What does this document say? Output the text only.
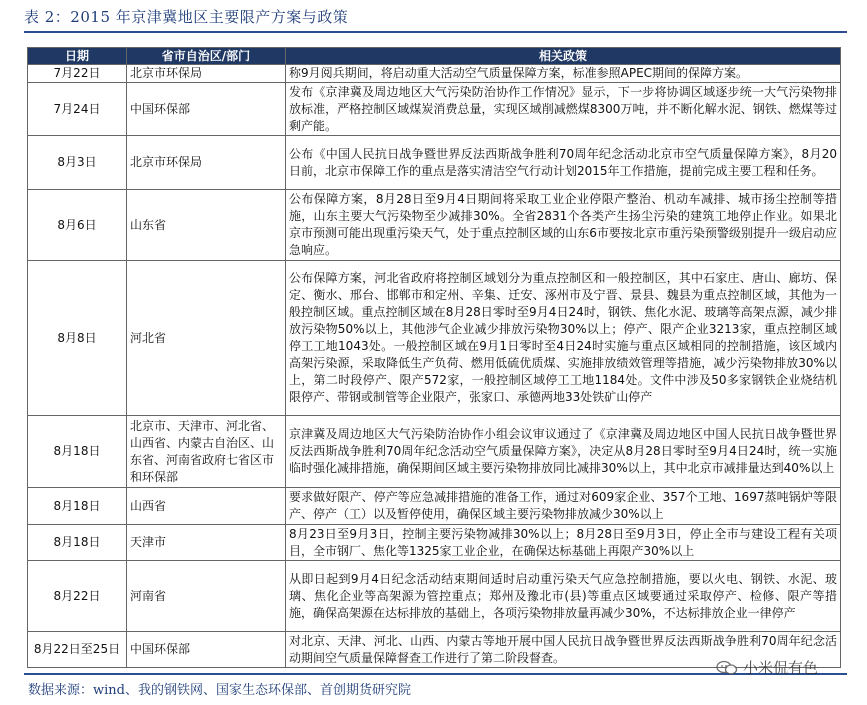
表 2：2015 年京津冀地区主要限产方案与政策
日期	省市自治区/部门	相关政策
7月22日	北京市环保局	称9月阅兵期间，将启动重大活动空气质量保障方案，标准参照APEC期间的保障方案。
7月24日	中国环保部	发布《京津冀及周边地区大气污染防治协作工作情况》显示，下一步将协调区域逐步统一大气污染物排放标准，严格控制区域煤炭消费总量，实现区域削减燃煤8300万吨，并不断化解水泥、钢铁、燃煤等过剩产能。
8月3日	北京市环保局	公布《中国人民抗日战争暨世界反法西斯战争胜利70周年纪念活动北京市空气质量保障方案》，8月20日前，北京市保障工作的重点是落实清洁空气行动计划2015年工作措施，提前完成主要工程和任务。
8月6日	山东省	公布保障方案，8月28日至9月4日期间将采取工业企业停限产整治、机动车减排、城市扬尘控制等措施，山东主要大气污染物至少减排30%。全省2831个各类产生扬尘污染的建筑工地停止作业。如果北京市预测可能出现重污染天气，处于重点控制区域的山东6市要按北京市重污染预警级别提升一级启动应急响应。
8月8日	河北省	公布保障方案，河北省政府将控制区域划分为重点控制区和一般控制区，其中石家庄、唐山、廊坊、保定、衡水、邢台、邯郸市和定州、辛集、迁安、涿州市及宁晋、景县、魏县为重点控制区域，其他为一般控制区域。重点控制区域在8月28日零时至9月4日24时，钢铁、焦化水泥、玻璃等高架点源，减少排放污染物50%以上，其他涉气企业减少排放污染物30%以上；停产、限产企业3213家，重点控制区域停工工地1043处。一般控制区域在9月1日零时至4日24时实施与重点区域相同的控制措施，该区域内高架污染源，采取降低生产负荷、燃用低硫优质煤、实施排放绩效管理等措施，减少污染物排放30%以上，第二时段停产、限产572家，一般控制区域停工工地1184处。文件中涉及50多家钢铁企业烧结机限停产、带钢或制管等企业限产，张家口、承德两地33处铁矿山停产
8月18日	北京市、天津市、河北省、山西省、内蒙古自治区、山东省、河南省政府七省区市和环保部	京津冀及周边地区大气污染防治协作小组会议审议通过了《京津冀及周边地区中国人民抗日战争暨世界反法西斯战争胜利70周年纪念活动空气质量保障方案》，决定从8月28日零时至9月4日24时，统一实施临时强化减排措施，确保期间区域主要污染物排放同比减排30%以上，其中北京市减排量达到40%以上
8月18日	山西省	要求做好限产、停产等应急减排措施的准备工作，通过对609家企业、357个工地、1697蒸吨锅炉等限产、停产（工）以及暂停使用，确保区域主要污染物排放减少30%以上
8月18日	天津市	8月23日至9月3日，控制主要污染物减排30%以上；8月28日至9月3日，停止全市与建设工程有关项目，全市钢厂、焦化等1325家工业企业，在确保达标基础上再限产30%以上
8月22日	河南省	从即日起到9月4日纪念活动结束期间适时启动重污染天气应急控制措施，要以火电、钢铁、水泥、玻璃、焦化企业等高架源为管控重点；郑州及豫北市(县)等重点区域要通过采取停产、检修、限产等措施，确保高架源在达标排放的基础上，各项污染物排放量再减少30%，不达标排放企业一律停产
8月22日至25日	中国环保部	对北京、天津、河北、山西、内蒙古等地开展中国人民抗日战争暨世界反法西斯战争胜利70周年纪念活动期间空气质量保障督查工作进行了第二阶段督查。
数据来源：wind、我的钢铁网、国家生态环保部、首创期货研究院
小米侃有色
